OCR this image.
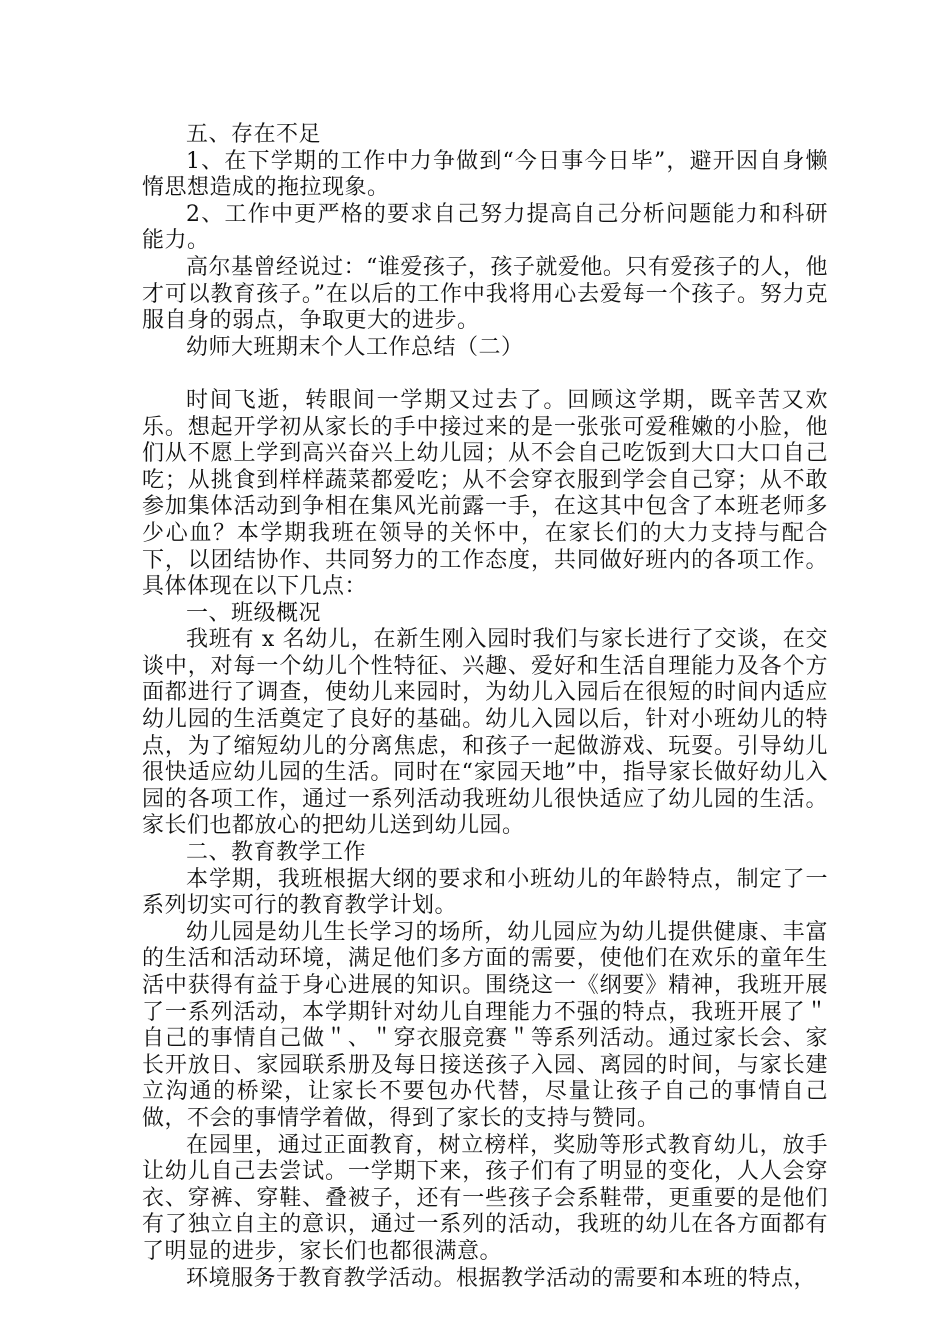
五、存在不足

1、在下学期的工作中力争做到“今日事今日毕”，避开因自身懒惰思想造成的拖拉现象。

2、工作中更严格的要求自己努力提高自己分析问题能力和科研能力。

高尔基曾经说过：“谁爱孩子，孩子就爱他。只有爱孩子的人，他才可以教育孩子。”在以后的工作中我将用心去爱每一个孩子。努力克服自身的弱点，争取更大的进步。

幼师大班期末个人工作总结（二）

时间飞逝，转眼间一学期又过去了。回顾这学期，既辛苦又欢乐。想起开学初从家长的手中接过来的是一张张可爱稚嫩的小脸，他们从不愿上学到高兴奋兴上幼儿园；从不会自己吃饭到大口大口自己吃；从挑食到样样蔬菜都爱吃；从不会穿衣服到学会自己穿；从不敢参加集体活动到争相在集风光前露一手，在这其中包含了本班老师多少心血？本学期我班在领导的关怀中，在家长们的大力支持与配合下，以团结协作、共同努力的工作态度，共同做好班内的各项工作。具体体现在以下几点：

一、班级概况

我班有 x 名幼儿，在新生刚入园时我们与家长进行了交谈，在交谈中，对每一个幼儿个性特征、兴趣、爱好和生活自理能力及各个方面都进行了调查，使幼儿来园时，为幼儿入园后在很短的时间内适应幼儿园的生活奠定了良好的基础。幼儿入园以后，针对小班幼儿的特点，为了缩短幼儿的分离焦虑，和孩子一起做游戏、玩耍。引导幼儿很快适应幼儿园的生活。同时在“家园天地”中，指导家长做好幼儿入园的各项工作，通过一系列活动我班幼儿很快适应了幼儿园的生活。家长们也都放心的把幼儿送到幼儿园。

二、教育教学工作

本学期，我班根据大纲的要求和小班幼儿的年龄特点，制定了一系列切实可行的教育教学计划。

幼儿园是幼儿生长学习的场所，幼儿园应为幼儿提供健康、丰富的生活和活动环境，满足他们多方面的需要，使他们在欢乐的童年生活中获得有益于身心进展的知识。围绕这一《纲要》精神，我班开展了一系列活动，本学期针对幼儿自理能力不强的特点，我班开展了＂自己的事情自己做＂、＂穿衣服竞赛＂等系列活动。通过家长会、家长开放日、家园联系册及每日接送孩子入园、离园的时间，与家长建立沟通的桥梁，让家长不要包办代替，尽量让孩子自己的事情自己做，不会的事情学着做，得到了家长的支持与赞同。

在园里，通过正面教育，树立榜样，奖励等形式教育幼儿，放手让幼儿自己去尝试。一学期下来，孩子们有了明显的变化，人人会穿衣、穿裤、穿鞋、叠被子，还有一些孩子会系鞋带，更重要的是他们有了独立自主的意识，通过一系列的活动，我班的幼儿在各方面都有了明显的进步，家长们也都很满意。

环境服务于教育教学活动。根据教学活动的需要和本班的特点，
